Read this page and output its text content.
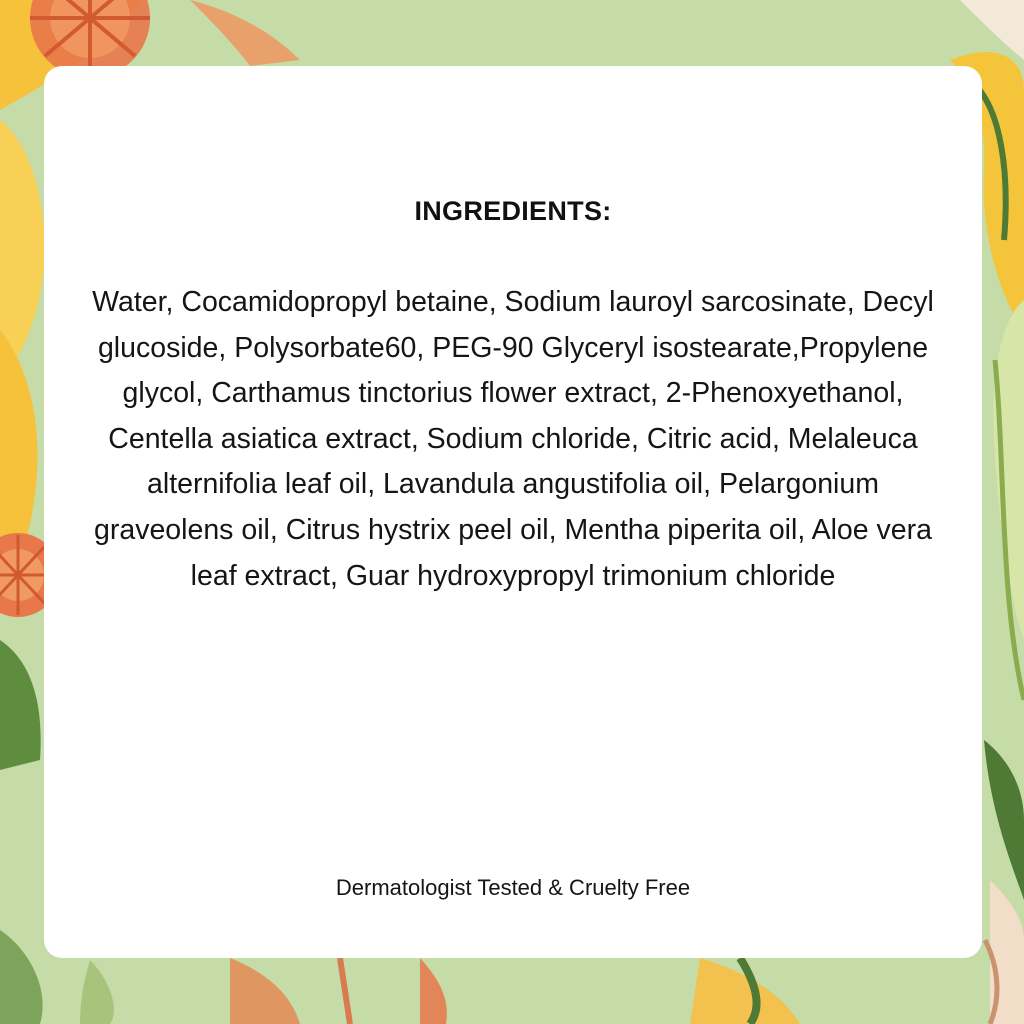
INGREDIENTS:
Water, Cocamidopropyl betaine, Sodium lauroyl sarcosinate, Decyl glucoside, Polysorbate60, PEG-90 Glyceryl isostearate,Propylene glycol, Carthamus tinctorius flower extract, 2-Phenoxyethanol, Centella asiatica extract, Sodium chloride, Citric acid, Melaleuca alternifolia leaf oil, Lavandula angustifolia oil, Pelargonium graveolens oil, Citrus hystrix peel oil, Mentha piperita oil, Aloe vera leaf extract, Guar hydroxypropyl trimonium chloride
Dermatologist Tested & Cruelty Free
